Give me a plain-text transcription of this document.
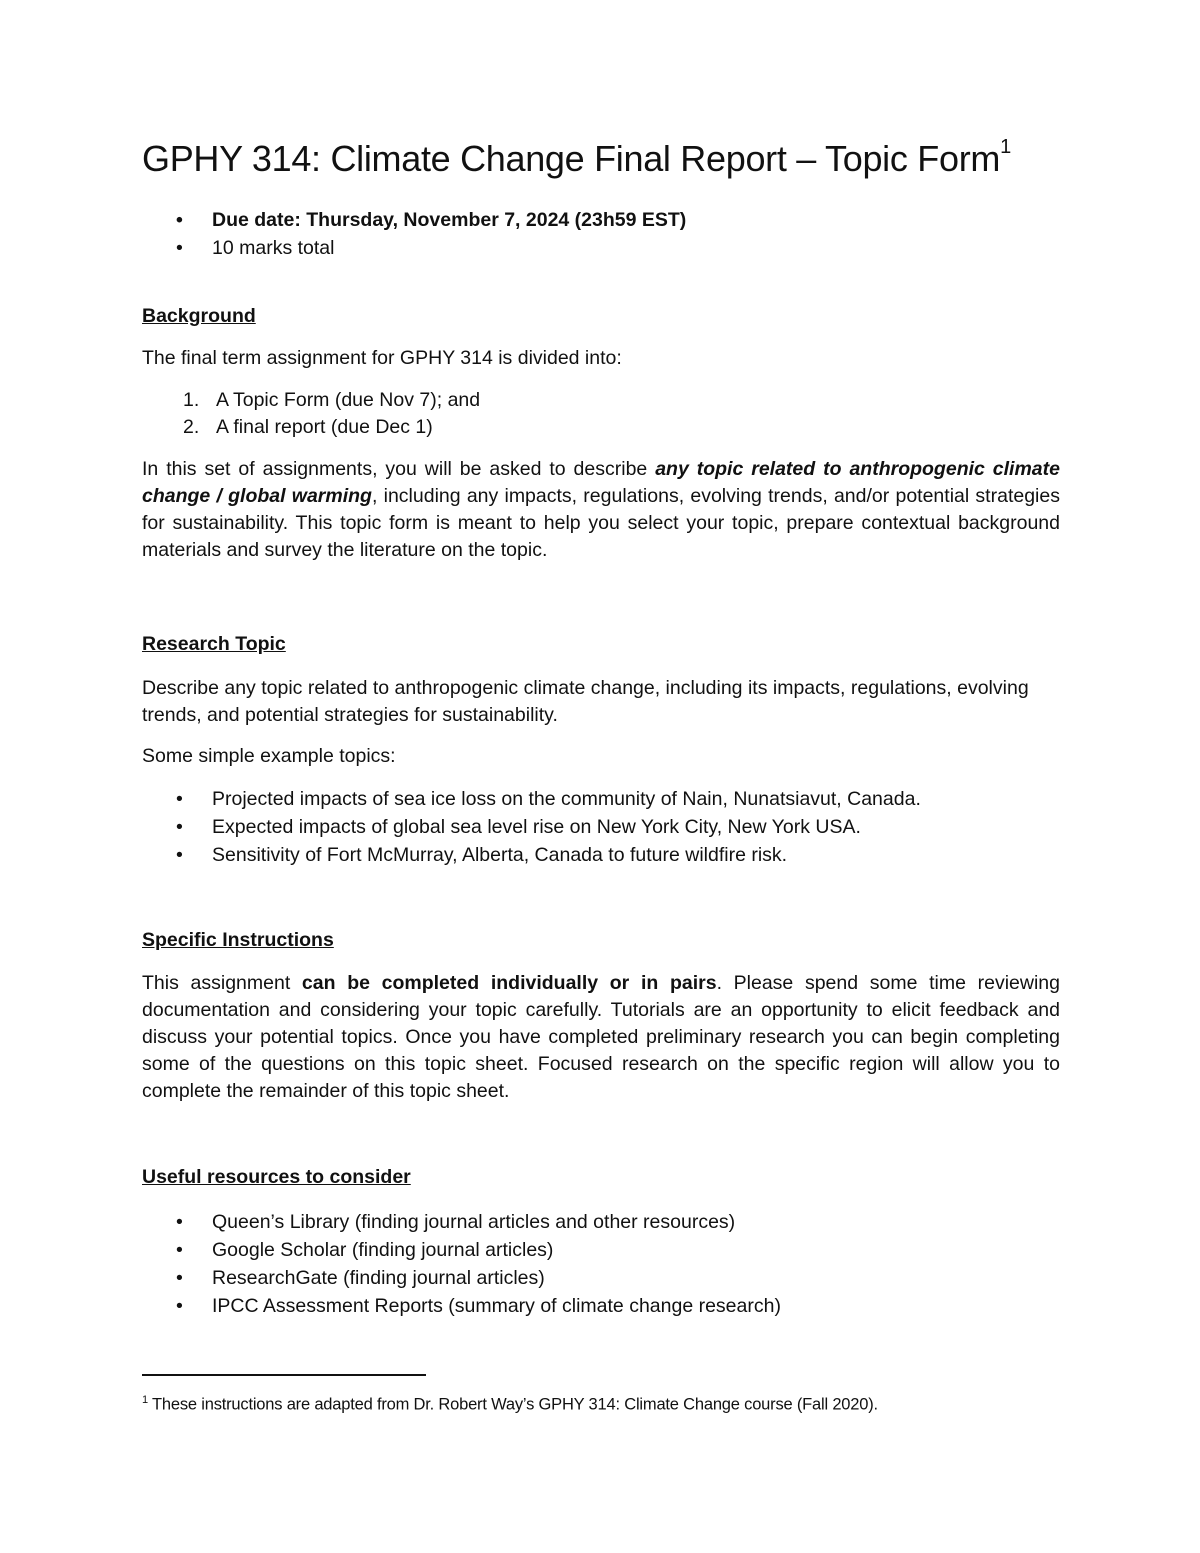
GPHY 314: Climate Change Final Report – Topic Form$^1$
• Due date: Thursday, November 7, 2024 (23h59 EST)
• 10 marks total

Background

The final term assignment for GPHY 314 is divided into:

1. A Topic Form (due Nov 7); and
2. A final report (due Dec 1)

In this set of assignments, you will be asked to describe any topic related to anthropogenic climate change / global warming, including any impacts, regulations, evolving trends, and/or potential strategies for sustainability. This topic form is meant to help you select your topic, prepare contextual background materials and survey the literature on the topic.

Research Topic

Describe any topic related to anthropogenic climate change, including its impacts, regulations, evolving trends, and potential strategies for sustainability.

Some simple example topics:

• Projected impacts of sea ice loss on the community of Nain, Nunatsiavut, Canada.
• Expected impacts of global sea level rise on New York City, New York USA.
• Sensitivity of Fort McMurray, Alberta, Canada to future wildfire risk.

Specific Instructions

This assignment can be completed individually or in pairs. Please spend some time reviewing documentation and considering your topic carefully. Tutorials are an opportunity to elicit feedback and discuss your potential topics. Once you have completed preliminary research you can begin completing some of the questions on this topic sheet. Focused research on the specific region will allow you to complete the remainder of this topic sheet.

Useful resources to consider

• Queen’s Library (finding journal articles and other resources)
• Google Scholar (finding journal articles)
• ResearchGate (finding journal articles)
• IPCC Assessment Reports (summary of climate change research)

$^1$ These instructions are adapted from Dr. Robert Way’s GPHY 314: Climate Change course (Fall 2020).
